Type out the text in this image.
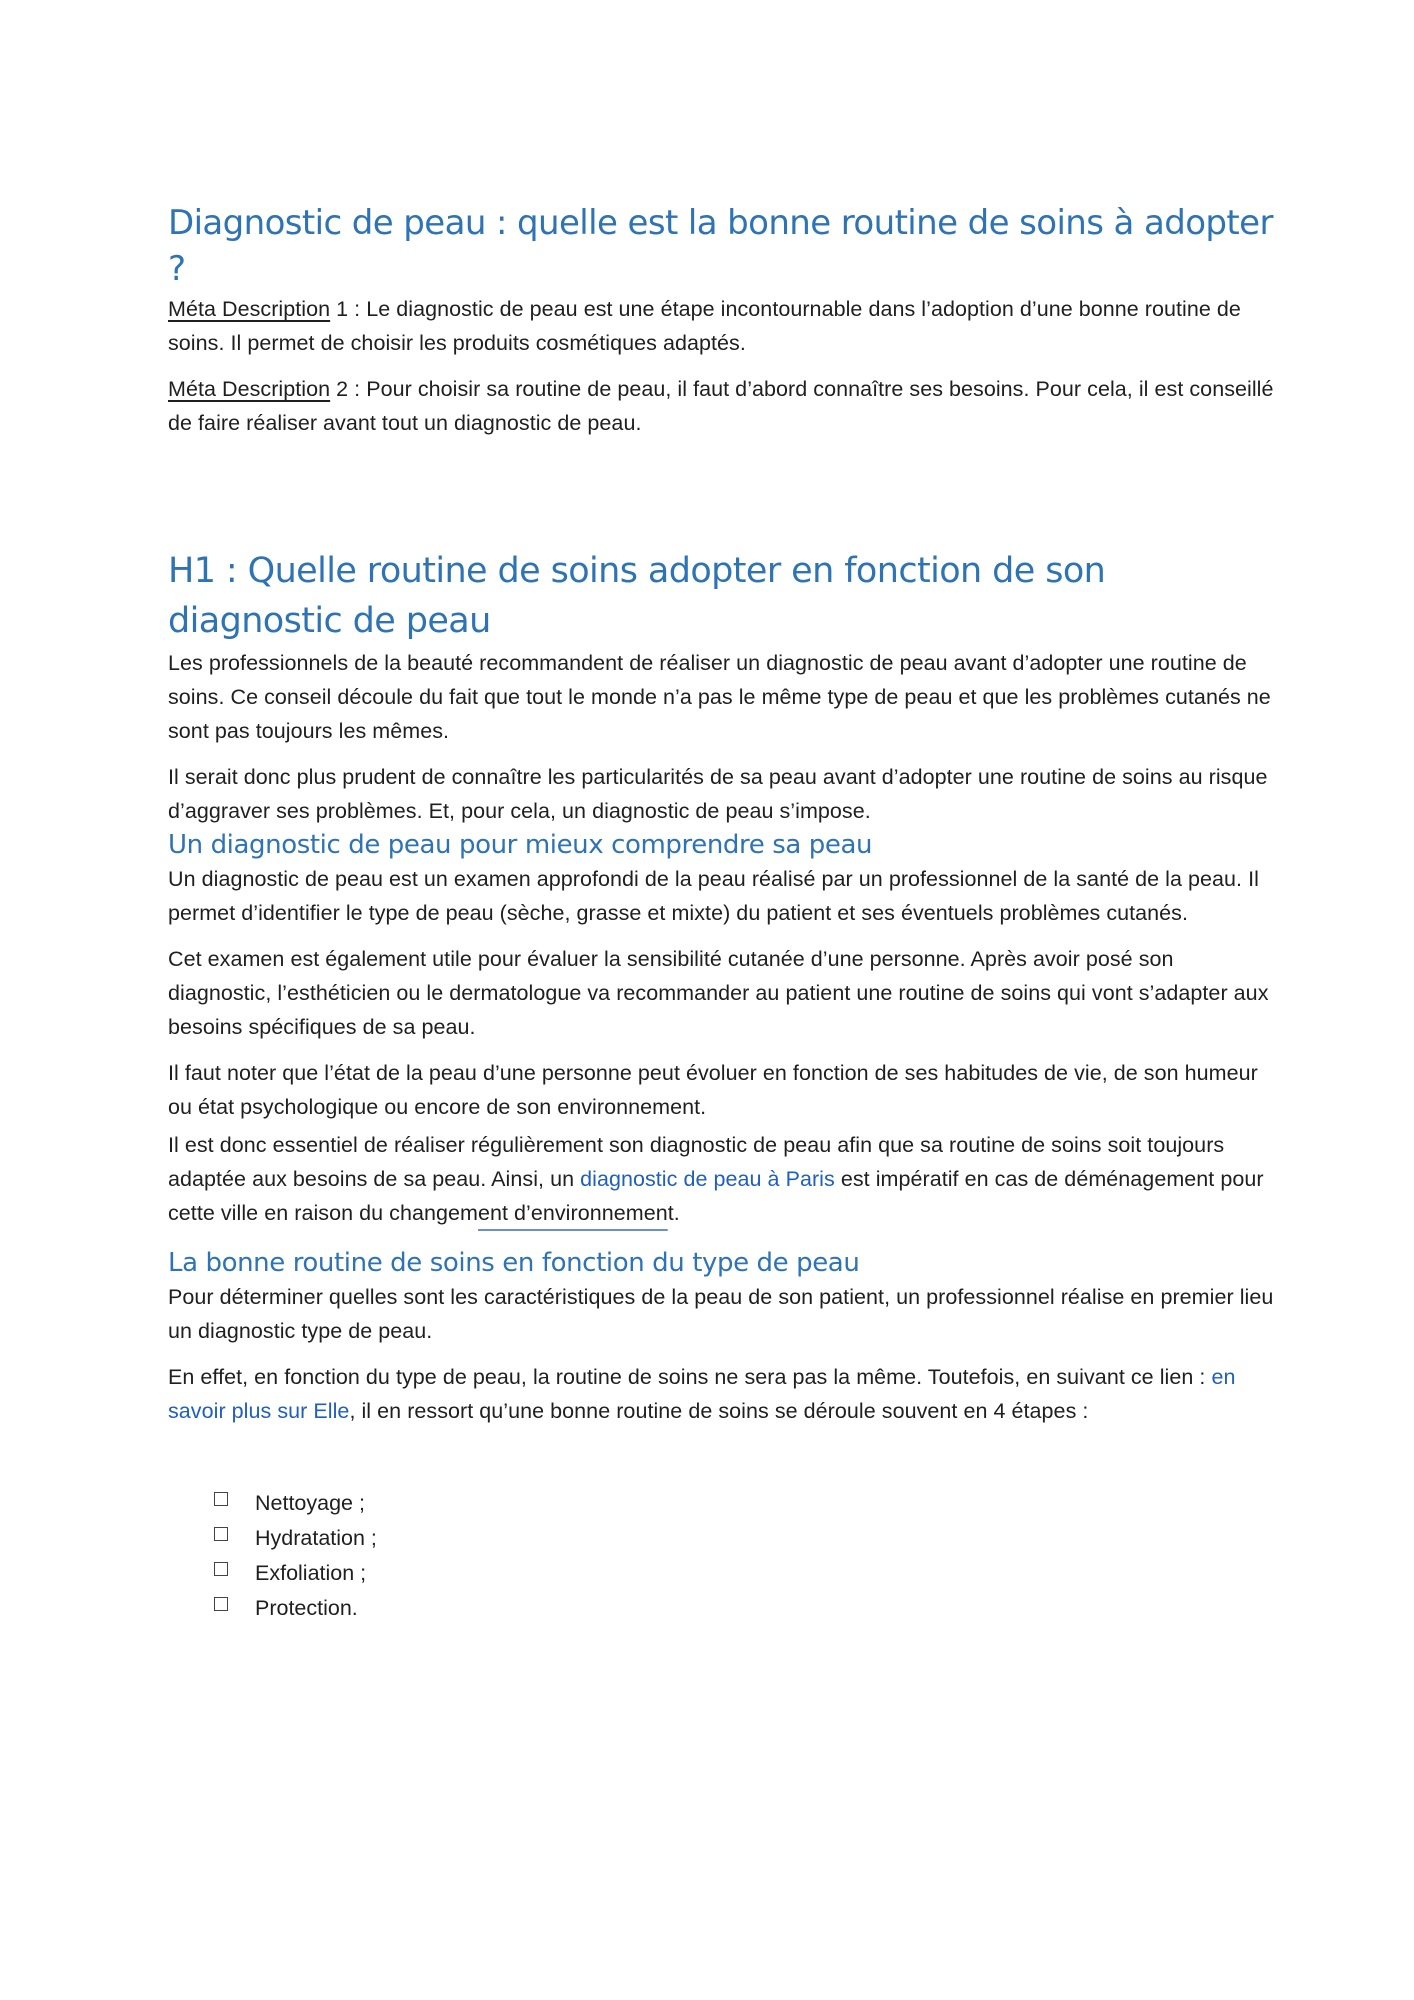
Diagnostic de peau : quelle est la bonne routine de soins à adopter ?

Méta Description 1 : Le diagnostic de peau est une étape incontournable dans l’adoption d’une bonne routine de soins. Il permet de choisir les produits cosmétiques adaptés.

Méta Description 2 : Pour choisir sa routine de peau, il faut d’abord connaître ses besoins. Pour cela, il est conseillé de faire réaliser avant tout un diagnostic de peau.

H1 : Quelle routine de soins adopter en fonction de son diagnostic de peau

Les professionnels de la beauté recommandent de réaliser un diagnostic de peau avant d’adopter une routine de soins. Ce conseil découle du fait que tout le monde n’a pas le même type de peau et que les problèmes cutanés ne sont pas toujours les mêmes.

Il serait donc plus prudent de connaître les particularités de sa peau avant d’adopter une routine de soins au risque d’aggraver ses problèmes. Et, pour cela, un diagnostic de peau s’impose.

Un diagnostic de peau pour mieux comprendre sa peau

Un diagnostic de peau est un examen approfondi de la peau réalisé par un professionnel de la santé de la peau. Il permet d’identifier le type de peau (sèche, grasse et mixte) du patient et ses éventuels problèmes cutanés.

Cet examen est également utile pour évaluer la sensibilité cutanée d’une personne. Après avoir posé son diagnostic, l’esthéticien ou le dermatologue va recommander au patient une routine de soins qui vont s’adapter aux besoins spécifiques de sa peau.

Il faut noter que l’état de la peau d’une personne peut évoluer en fonction de ses habitudes de vie, de son humeur ou état psychologique ou encore de son environnement.

Il est donc essentiel de réaliser régulièrement son diagnostic de peau afin que sa routine de soins soit toujours adaptée aux besoins de sa peau. Ainsi, un diagnostic de peau à Paris est impératif en cas de déménagement pour cette ville en raison du changement d’environnement.

La bonne routine de soins en fonction du type de peau

Pour déterminer quelles sont les caractéristiques de la peau de son patient, un professionnel réalise en premier lieu un diagnostic type de peau.

En effet, en fonction du type de peau, la routine de soins ne sera pas la même. Toutefois, en suivant ce lien : en savoir plus sur Elle, il en ressort qu’une bonne routine de soins se déroule souvent en 4 étapes :

Nettoyage ;
Hydratation ;
Exfoliation ;
Protection.
